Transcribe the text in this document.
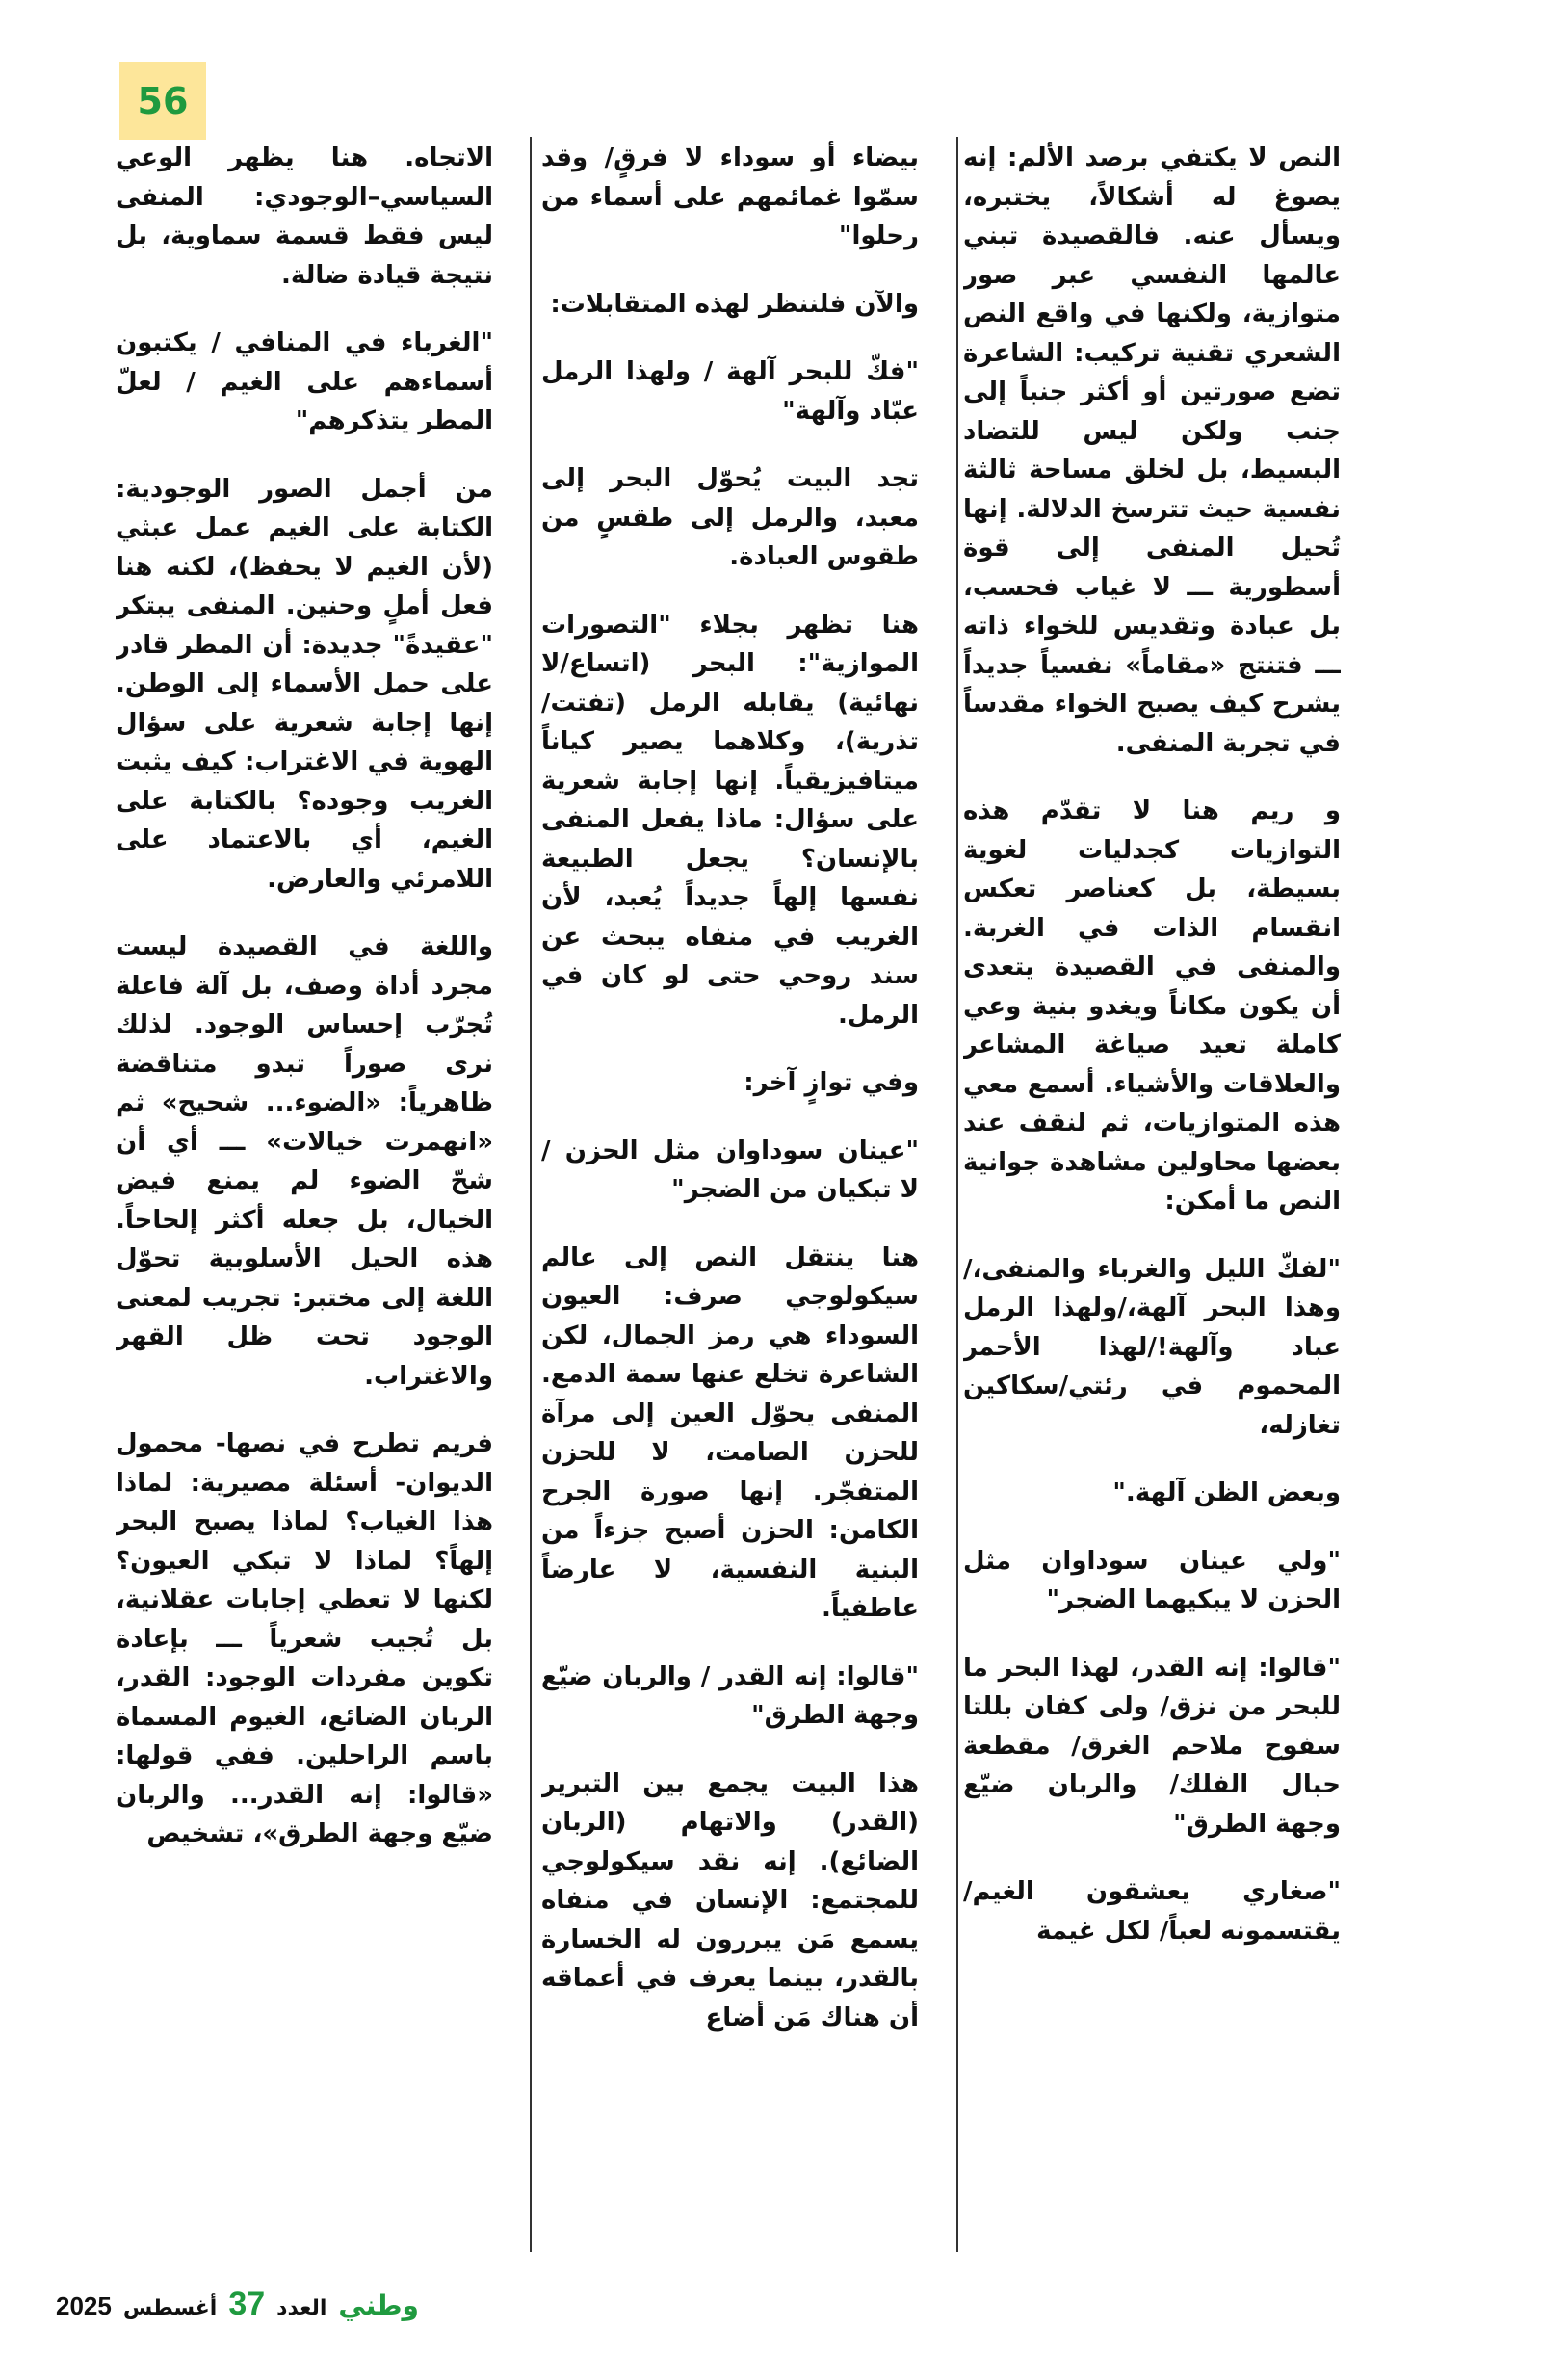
56

النص لا يكتفي برصد الألم: إنه يصوغ له أشكالاً، يختبره، ويسأل عنه. فالقصيدة تبني عالمها النفسي عبر صور متوازية، ولكنها في واقع النص الشعري تقنية تركيب: الشاعرة تضع صورتين أو أكثر جنباً إلى جنب ولكن ليس للتضاد البسيط، بل لخلق مساحة ثالثة نفسية حيث تترسخ الدلالة. إنها تُحيل المنفى إلى قوة أسطورية ـــ لا غياب فحسب، بل عبادة وتقديس للخواء ذاته ـــ فتنتج «مقاماً» نفسياً جديداً يشرح كيف يصبح الخواء مقدساً في تجربة المنفى.

و ريم هنا لا تقدّم هذه التوازيات كجدليات لغوية بسيطة، بل كعناصر تعكس انقسام الذات في الغربة. والمنفى في القصيدة يتعدى أن يكون مكاناً ويغدو بنية وعي كاملة تعيد صياغة المشاعر والعلاقات والأشياء. أسمع معي هذه المتوازيات، ثم لنقف عند بعضها محاولين مشاهدة جوانية النص ما أمكن:

"لفكّ الليل والغرباء والمنفى،/وهذا البحر آلهة،/ولهذا الرمل عباد وآلهة!/لهذا الأحمر المحموم في رئتي/سكاكين تغازله،

وبعض الظن آلهة."

"ولي عينان سوداوان مثل الحزن لا يبكيهما الضجر"

"قالوا: إنه القدر، لهذا البحر ما للبحر من نزق/ ولى كفان بللتا سفوح ملاحم الغرق/ مقطعة حبال الفلك/ والربان ضيّع وجهة الطرق"

"صغاري يعشقون الغيم/ يقتسمونه لعباً/ لكل غيمة

بيضاء أو سوداء لا فرقٍ/ وقد سمّوا غمائمهم على أسماء من رحلوا"

والآن فلننظر لهذه المتقابلات:

"فكّ للبحر آلهة / ولهذا الرمل عبّاد وآلهة"

تجد البيت يُحوّل البحر إلى معبد، والرمل إلى طقسٍ من طقوس العبادة.

هنا تظهر بجلاء "التصورات الموازية": البحر (اتساع/لا نهائية) يقابله الرمل (تفتت/تذرية)، وكلاهما يصير كياناً ميتافيزيقياً. إنها إجابة شعرية على سؤال: ماذا يفعل المنفى بالإنسان؟ يجعل الطبيعة نفسها إلهاً جديداً يُعبد، لأن الغريب في منفاه يبحث عن سند روحي حتى لو كان في الرمل.

وفي توازٍ آخر:

"عينان سوداوان مثل الحزن / لا تبكيان من الضجر"

هنا ينتقل النص إلى عالم سيكولوجي صرف: العيون السوداء هي رمز الجمال، لكن الشاعرة تخلع عنها سمة الدمع. المنفى يحوّل العين إلى مرآة للحزن الصامت، لا للحزن المتفجّر. إنها صورة الجرح الكامن: الحزن أصبح جزءاً من البنية النفسية، لا عارضاً عاطفياً.

"قالوا: إنه القدر / والربان ضيّع وجهة الطرق"

هذا البيت يجمع بين التبرير (القدر) والاتهام (الربان الضائع). إنه نقد سيكولوجي للمجتمع: الإنسان في منفاه يسمع مَن يبررون له الخسارة بالقدر، بينما يعرف في أعماقه أن هناك مَن أضاع

الاتجاه. هنا يظهر الوعي السياسي–الوجودي: المنفى ليس فقط قسمة سماوية، بل نتيجة قيادة ضالة.

"الغرباء في المنافي / يكتبون أسماءهم على الغيم / لعلّ المطر يتذكرهم"

من أجمل الصور الوجودية: الكتابة على الغيم عمل عبثي (لأن الغيم لا يحفظ)، لكنه هنا فعل أملٍ وحنين. المنفى يبتكر "عقيدةً" جديدة: أن المطر قادر على حمل الأسماء إلى الوطن. إنها إجابة شعرية على سؤال الهوية في الاغتراب: كيف يثبت الغريب وجوده؟ بالكتابة على الغيم، أي بالاعتماد على اللامرئي والعارض.

واللغة في القصيدة ليست مجرد أداة وصف، بل آلة فاعلة تُجرّب إحساس الوجود. لذلك نرى صوراً تبدو متناقضة ظاهرياً: «الضوء... شحيح» ثم «انهمرت خيالات» ـــ أي أن شحّ الضوء لم يمنع فيض الخيال، بل جعله أكثر إلحاحاً. هذه الحيل الأسلوبية تحوّل اللغة إلى مختبر: تجريب لمعنى الوجود تحت ظل القهر والاغتراب.

فريم تطرح في نصها- محمول الديوان- أسئلة مصيرية: لماذا هذا الغياب؟ لماذا يصبح البحر إلهاً؟ لماذا لا تبكي العيون؟ لكنها لا تعطي إجابات عقلانية، بل تُجيب شعرياً ـــ بإعادة تكوين مفردات الوجود: القدر، الربان الضائع، الغيوم المسماة باسم الراحلين. ففي قولها: «قالوا: إنه القدر... والربان ضيّع وجهة الطرق»، تشخيص

وطني
العدد
37
أغسطس
2025
